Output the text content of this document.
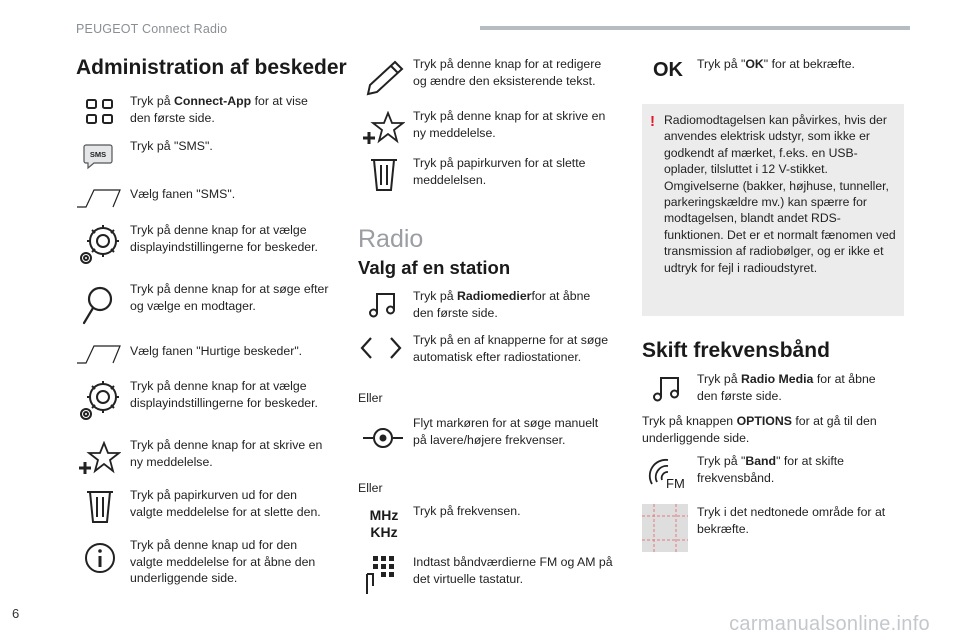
PEUGEOT Connect Radio
Administration af beskeder
Tryk på Connect-App for at vise den første side.
SMS
Tryk på "SMS".
Vælg fanen "SMS".
Tryk på denne knap for at vælge displayindstillingerne for beskeder.
Tryk på denne knap for at søge efter og vælge en modtager.
Vælg fanen "Hurtige beskeder".
Tryk på denne knap for at vælge displayindstillingerne for beskeder.
Tryk på denne knap for at skrive en ny meddelelse.
Tryk på papirkurven ud for den valgte meddelelse for at slette den.
Tryk på denne knap ud for den valgte meddelelse for at åbne den underliggende side.
Tryk på denne knap for at redigere og ændre den eksisterende tekst.
Tryk på denne knap for at skrive en ny meddelelse.
Tryk på papirkurven for at slette meddelelsen.
Radio
Valg af en station
Tryk på Radiomedierfor at åbne den første side.
Tryk på en af knapperne for at søge automatisk efter radiostationer.
Eller
Flyt markøren for at søge manuelt på lavere/højere frekvenser.
Eller
MHz
KHz
Tryk på frekvensen.
Indtast båndværdierne FM og AM på det virtuelle tastatur.
OK Tryk på "OK" for at bekræfte.
! Radiomodtagelsen kan påvirkes, hvis der anvendes elektrisk udstyr, som ikke er godkendt af mærket, f.eks. en USB-oplader, tilsluttet i 12 V-stikket. Omgivelserne (bakker, højhuse, tunneller, parkeringskældre mv.) kan spærre for modtagelsen, blandt andet RDS-funktionen. Det er et normalt fænomen ved transmission af radiobølger, og er ikke et udtryk for fejl i radioudstyret.
Skift frekvensbånd
Tryk på Radio Media for at åbne den første side.
Tryk på knappen OPTIONS for at gå til den underliggende side.
FM
Tryk på "Band" for at skifte frekvensbånd.
Tryk i det nedtonede område for at bekræfte.
6	carmanualsonline.info
